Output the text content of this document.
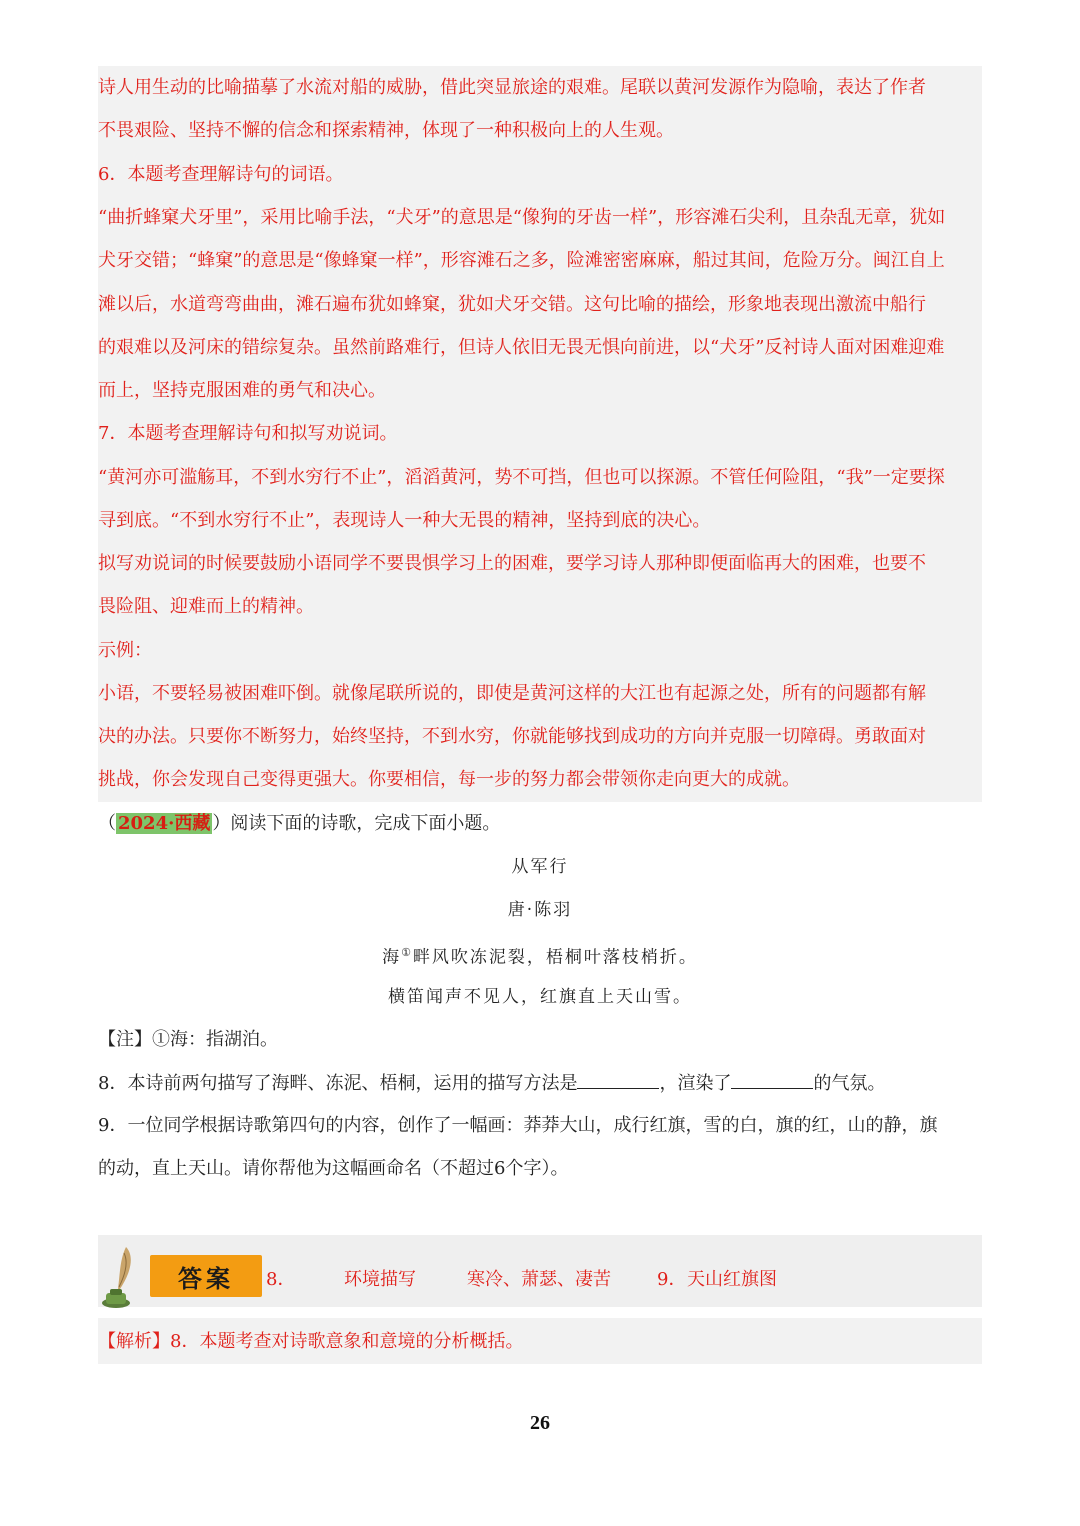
诗人用生动的比喻描摹了水流对船的威胁，借此突显旅途的艰难。尾联以黄河发源作为隐喻，表达了作者
不畏艰险、坚持不懈的信念和探索精神，体现了一种积极向上的人生观。
6．本题考查理解诗句的词语。
“曲折蜂窠犬牙里”，采用比喻手法，“犬牙”的意思是“像狗的牙齿一样”，形容滩石尖利，且杂乱无章，犹如
犬牙交错；“蜂窠”的意思是“像蜂窠一样”，形容滩石之多，险滩密密麻麻，船过其间，危险万分。闽江自上
滩以后，水道弯弯曲曲，滩石遍布犹如蜂窠，犹如犬牙交错。这句比喻的描绘，形象地表现出激流中船行
的艰难以及河床的错综复杂。虽然前路难行，但诗人依旧无畏无惧向前进，以“犬牙”反衬诗人面对困难迎难
而上，坚持克服困难的勇气和决心。
7．本题考查理解诗句和拟写劝说词。
“黄河亦可滥觞耳，不到水穷行不止”，滔滔黄河，势不可挡，但也可以探源。不管任何险阻，“我”一定要探
寻到底。“不到水穷行不止”，表现诗人一种大无畏的精神，坚持到底的决心。
拟写劝说词的时候要鼓励小语同学不要畏惧学习上的困难，要学习诗人那种即便面临再大的困难，也要不
畏险阻、迎难而上的精神。
示例：
小语，不要轻易被困难吓倒。就像尾联所说的，即使是黄河这样的大江也有起源之处，所有的问题都有解
决的办法。只要你不断努力，始终坚持，不到水穷，你就能够找到成功的方向并克服一切障碍。勇敢面对
挑战，你会发现自己变得更强大。你要相信，每一步的努力都会带领你走向更大的成就。
（ 2024·西藏 ）阅读下面的诗歌，完成下面小题。
从军行
唐·陈羽
海①畔风吹冻泥裂，梧桐叶落枝梢折。
横笛闻声不见人，红旗直上天山雪。
【注】①海：指湖泊。
8．本诗前两句描写了海畔、冻泥、梧桐，运用的描写方法是	，渲染了	的气氛。
9．一位同学根据诗歌第四句的内容，创作了一幅画：莽莽大山，成行红旗，雪的白，旗的红，山的静，旗
的动，直上天山。请你帮他为这幅画命名（不超过6个字）。
答案	8．	环境描写	寒冷、萧瑟、凄苦	9． 天山红旗图
【解析】8．本题考查对诗歌意象和意境的分析概括。
26
